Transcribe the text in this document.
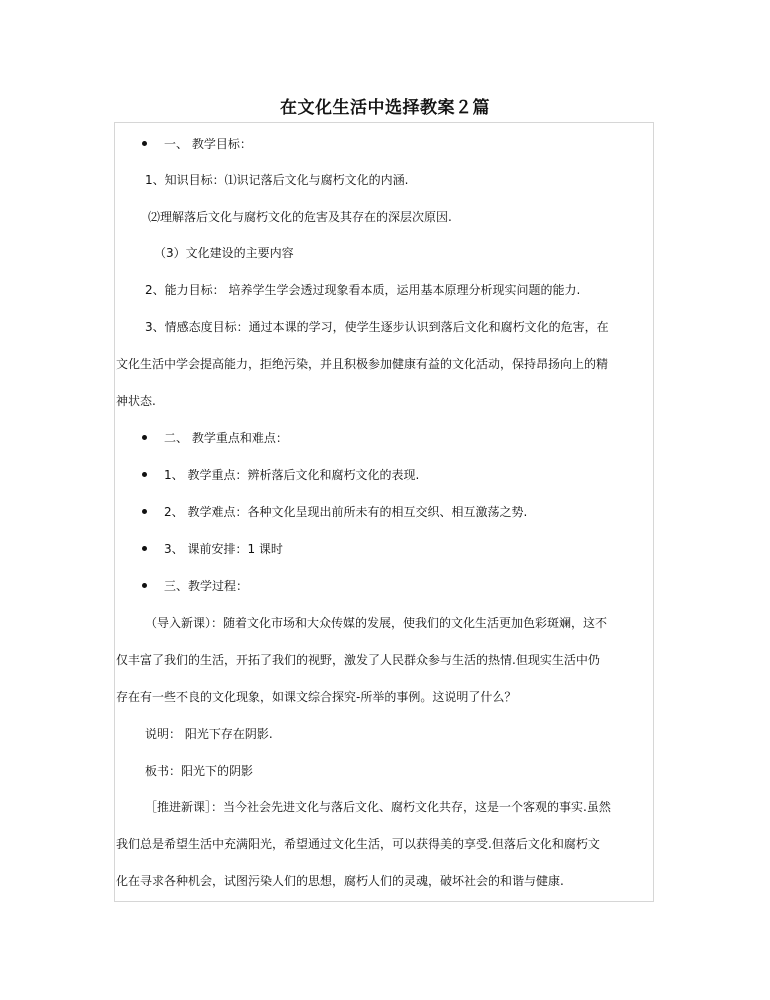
在文化生活中选择教案２篇
一、 教学目标：
1、知识目标：⑴识记落后文化与腐朽文化的内涵.
⑵理解落后文化与腐朽文化的危害及其存在的深层次原因.
（3）文化建设的主要内容
2、能力目标： 培养学生学会透过现象看本质，运用基本原理分析现实问题的能力.
3、情感态度目标：通过本课的学习，使学生逐步认识到落后文化和腐朽文化的危害，在
文化生活中学会提高能力，拒绝污染，并且积极参加健康有益的文化活动，保持昂扬向上的精
神状态.
二、 教学重点和难点：
1、 教学重点：辨析落后文化和腐朽文化的表现.
2、 教学难点：各种文化呈现出前所未有的相互交织、相互激荡之势.
3、 课前安排：1 课时
三、教学过程：
（导入新课）：随着文化市场和大众传媒的发展，使我们的文化生活更加色彩斑斓，这不
仅丰富了我们的生活，开拓了我们的视野，激发了人民群众参与生活的热情.但现实生活中仍
存在有一些不良的文化现象，如课文综合探究-所举的事例。这说明了什么？
说明： 阳光下存在阴影.
板书：阳光下的阴影
［推进新课］：当今社会先进文化与落后文化、腐朽文化共存，这是一个客观的事实.虽然
我们总是希望生活中充满阳光，希望通过文化生活，可以获得美的享受.但落后文化和腐朽文
化在寻求各种机会，试图污染人们的思想，腐朽人们的灵魂，破坏社会的和谐与健康.
